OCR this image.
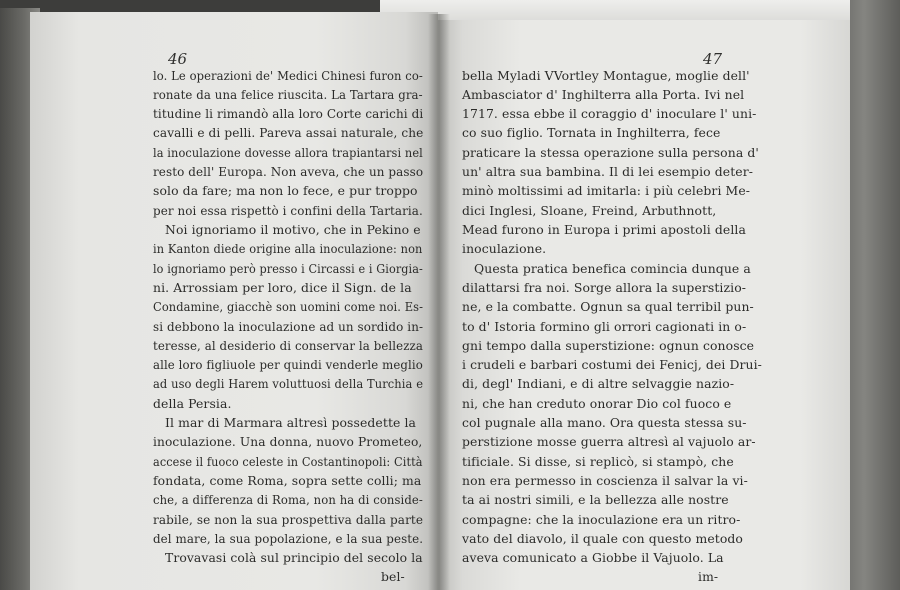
46	47
lo. Le operazioni de' Medici Chinesi furon co-
ronate da una felice riuscita. La Tartara gra-
titudine li rimandò alla loro Corte carichi di
cavalli e di pelli. Pareva assai naturale, che
la inoculazione dovesse allora trapiantarsi nel
resto dell' Europa. Non aveva, che un passo
solo da fare; ma non lo fece, e pur troppo
per noi essa rispettò i confini della Tartaria.
Noi ignoriamo il motivo, che in Pekino e
in Kanton diede origine alla inoculazione: non
lo ignoriamo però presso i Circassi e i Giorgia-
ni. Arrossiam per loro, dice il Sign. de la
Condamine, giacchè son uomini come noi. Es-
si debbono la inoculazione ad un sordido in-
teresse, al desiderio di conservar la bellezza
alle loro figliuole per quindi venderle meglio
ad uso degli Harem voluttuosi della Turchia e
della Persia.
Il mar di Marmara altresì possedette la
inoculazione. Una donna, nuovo Prometeo,
accese il fuoco celeste in Costantinopoli: Città
fondata, come Roma, sopra sette colli; ma
che, a differenza di Roma, non ha di conside-
rabile, se non la sua prospettiva dalla parte
del mare, la sua popolazione, e la sua peste.
Trovavasi colà sul principio del secolo la
bel-
bella Myladi VVortley Montague, moglie dell'
Ambasciator d' Inghilterra alla Porta. Ivi nel
1717. essa ebbe il coraggio d' inoculare l' uni-
co suo figlio. Tornata in Inghilterra, fece
praticare la stessa operazione sulla persona d'
un' altra sua bambina. Il di lei esempio deter-
minò moltissimi ad imitarla: i più celebri Me-
dici Inglesi, Sloane, Freind, Arbuthnott,
Mead furono in Europa i primi apostoli della
inoculazione.
Questa pratica benefica comincia dunque a
dilattarsi fra noi. Sorge allora la superstizio-
ne, e la combatte. Ognun sa qual terribil pun-
to d' Istoria formino gli orrori cagionati in o-
gni tempo dalla superstizione: ognun conosce
i crudeli e barbari costumi dei Fenicj, dei Drui-
di, degl' Indiani, e di altre selvaggie nazio-
ni, che han creduto onorar Dio col fuoco e
col pugnale alla mano. Ora questa stessa su-
perstizione mosse guerra altresì al vajuolo ar-
tificiale. Si disse, si replicò, si stampò, che
non era permesso in coscienza il salvar la vi-
ta ai nostri simili, e la bellezza alle nostre
compagne: che la inoculazione era un ritro-
vato del diavolo, il quale con questo metodo
aveva comunicato a Giobbe il Vajuolo. La
im-
